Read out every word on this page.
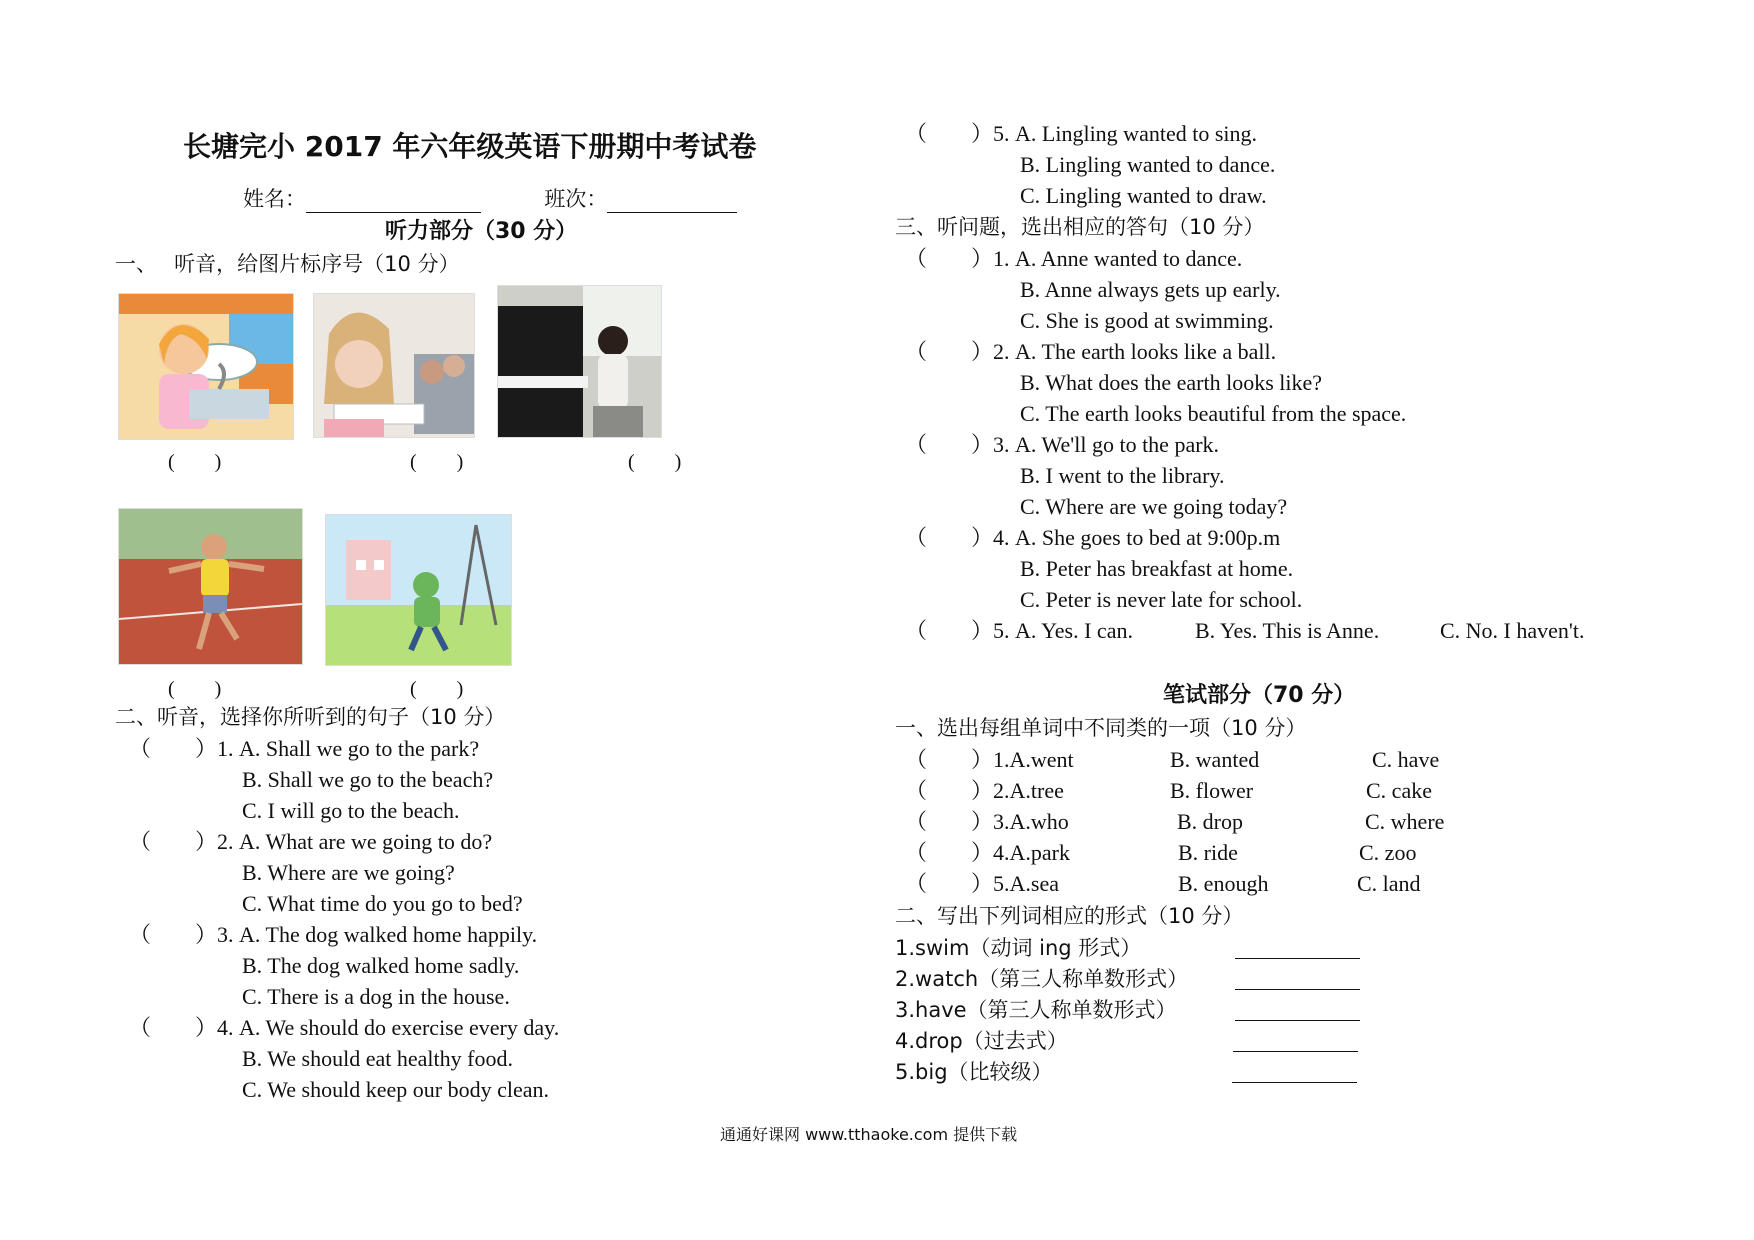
长塘完小 2017 年六年级英语下册期中考试卷
姓名：	班次：
听力部分（30 分）
一、　 听音，给图片标序号（10 分）
(　　)	(　　)	(　　)
(　　)	(　　)
二、听音，选择你所听到的句子（10 分）
（　　）1. A. Shall we go to the park?
B. Shall we go to the beach?
C. I will go to the beach.
（　　）2. A. What are we going to do?
B. Where are we going?
C. What time do you go to bed?
（　　）3. A. The dog walked home happily.
B. The dog walked home sadly.
C. There is a dog in the house.
（　　）4. A. We should do exercise every day.
B. We should eat healthy food.
C. We should keep our body clean.
（　　）5. A. Lingling wanted to sing.
B. Lingling wanted to dance.
C. Lingling wanted to draw.
三、听问题，选出相应的答句（10 分）
（　　）1. A. Anne wanted to dance.
B. Anne always gets up early.
C. She is good at swimming.
（　　）2. A. The earth looks like a ball.
B. What does the earth looks like?
C. The earth looks beautiful from the space.
（　　）3. A. We'll go to the park.
B. I went to the library.
C. Where are we going today?
（　　）4. A. She goes to bed at 9:00p.m
B. Peter has breakfast at home.
C. Peter is never late for school.
（　　）5. A. Yes. I can.	B. Yes. This is Anne.	C. No. I haven't.
笔试部分（70 分）
一、选出每组单词中不同类的一项（10 分）
（　　）1.A.went	B. wanted	C. have
（　　）2.A.tree	B. flower	C. cake
（　　）3.A.who	B. drop	C. where
（　　）4.A.park	B. ride	C. zoo
（　　）5.A.sea	B. enough	C. land
二、写出下列词相应的形式（10 分）
1.swim（动词 ing 形式）
2.watch（第三人称单数形式）
3.have（第三人称单数形式）
4.drop（过去式）
5.big（比较级）
通通好课网 www.tthaoke.com 提供下载
